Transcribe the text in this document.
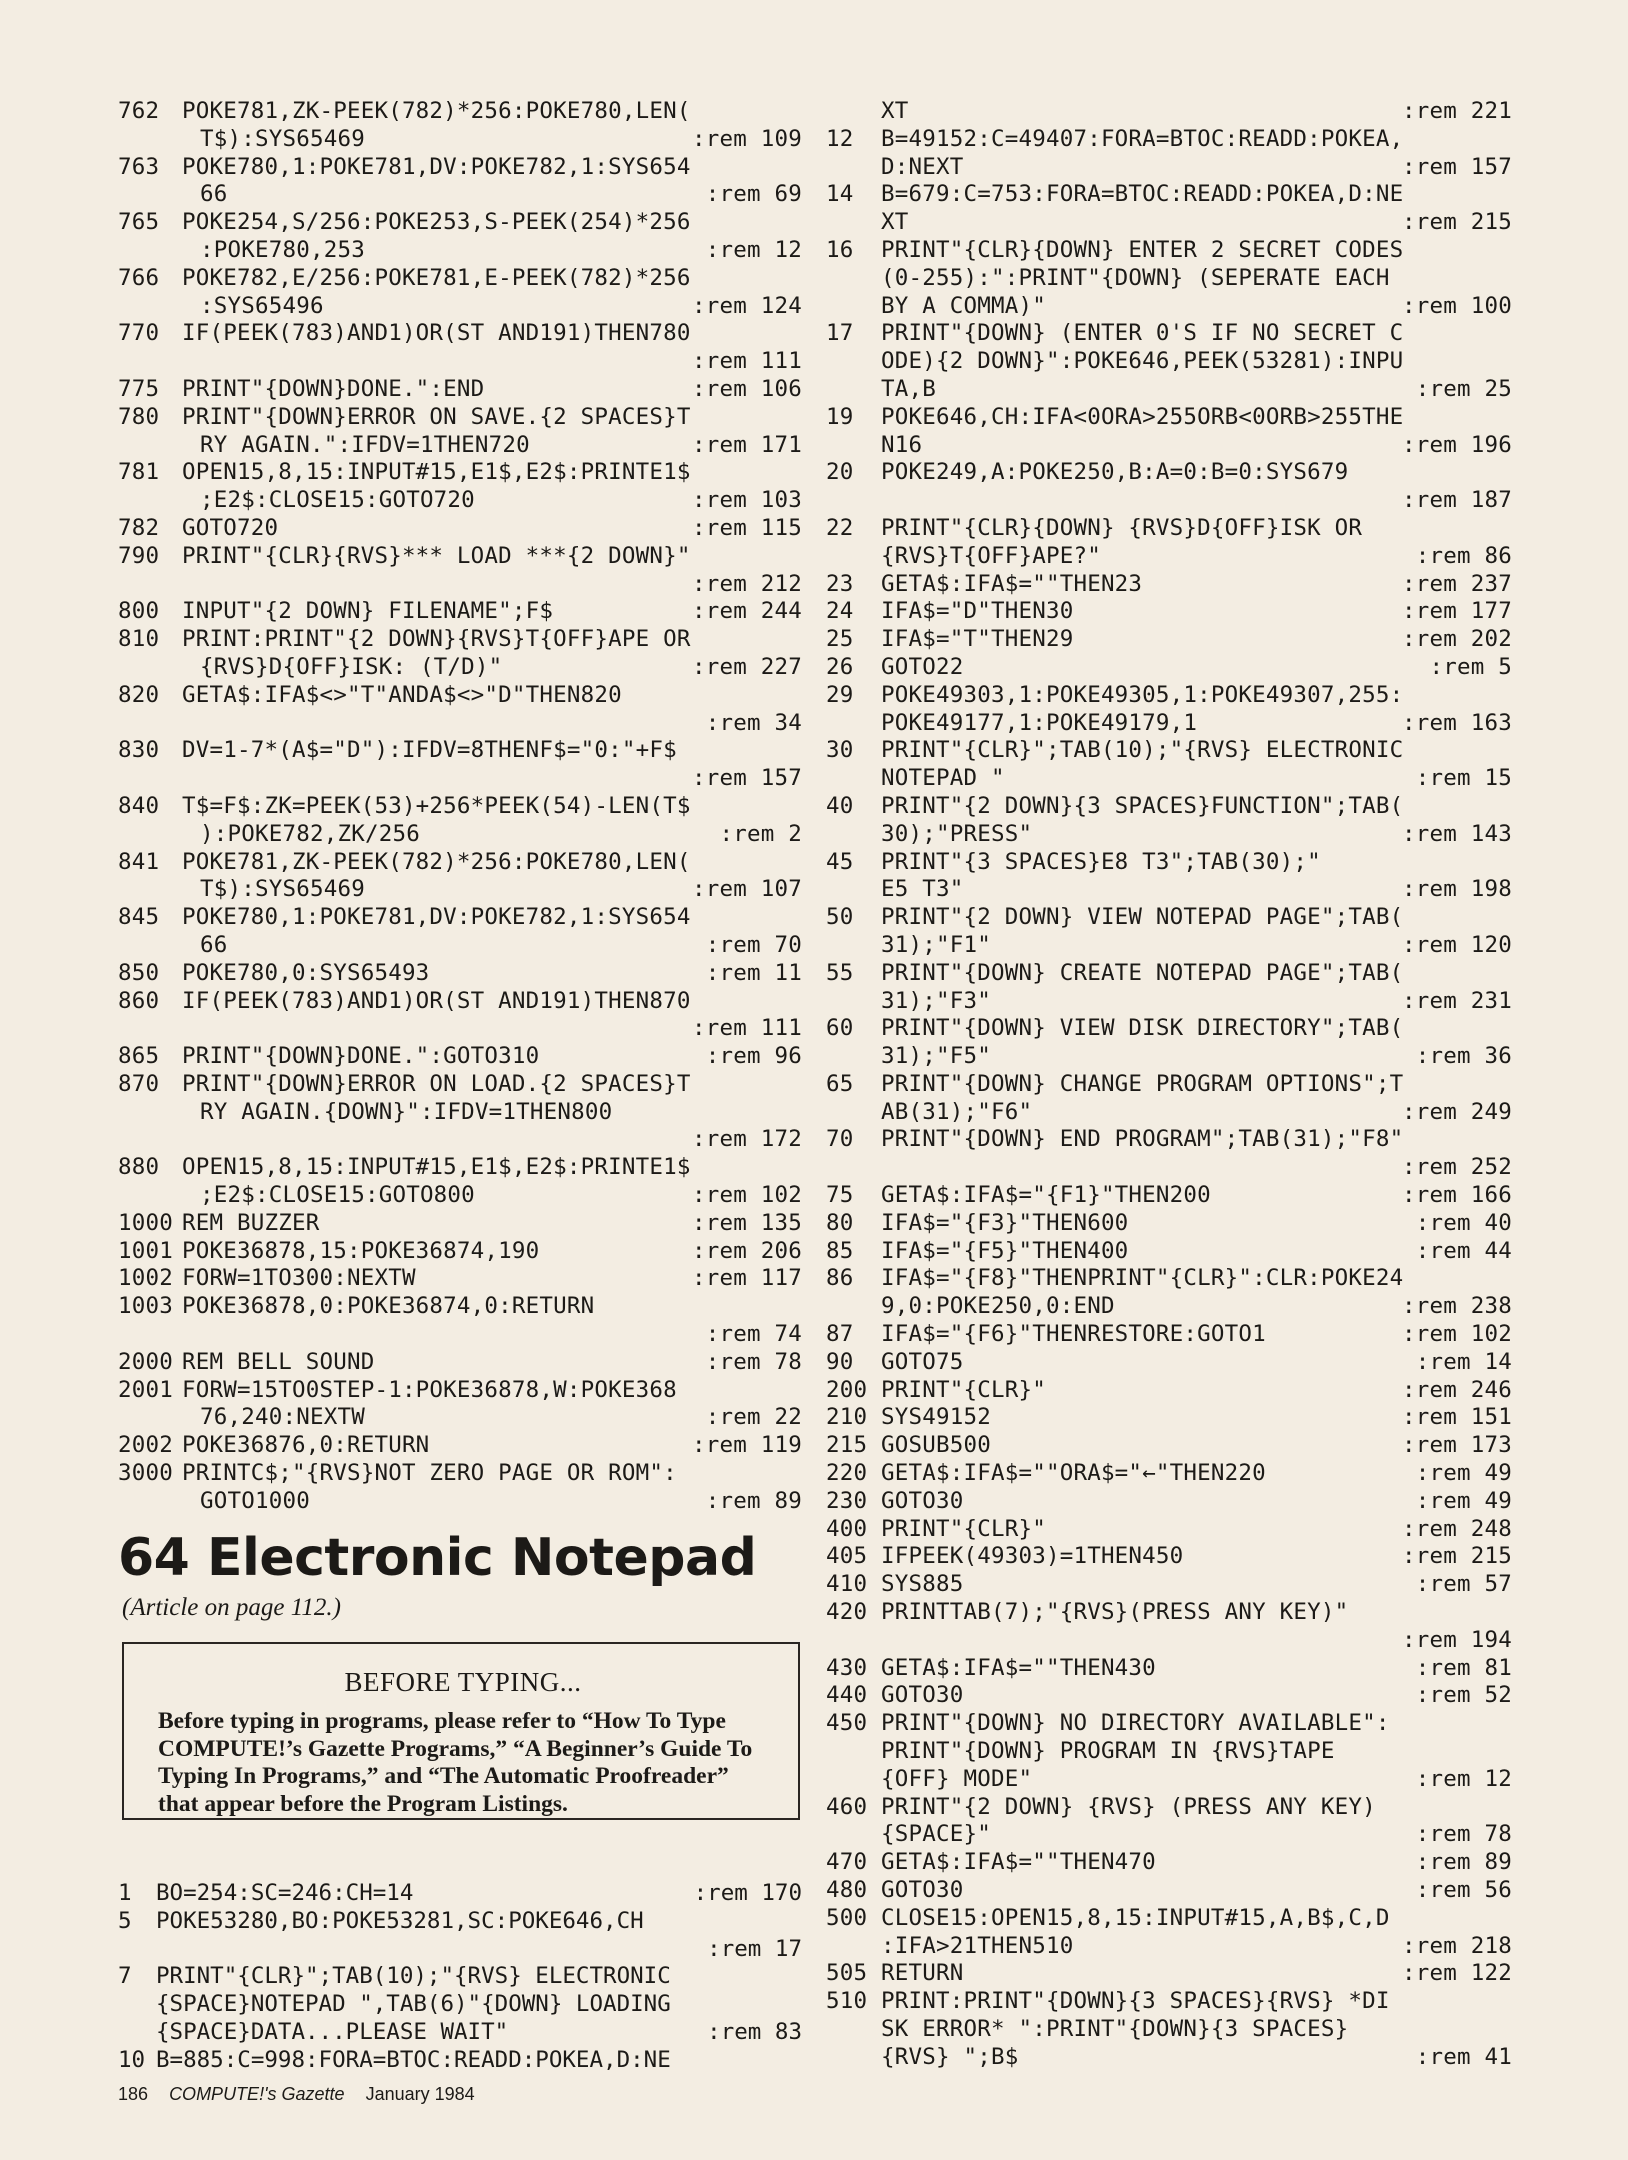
762 POKE781,ZK-PEEK(782)*256:POKE780,LEN(
T$):SYS65469	:rem 109
763 POKE780,1:POKE781,DV:POKE782,1:SYS654
66	:rem 69
765 POKE254,S/256:POKE253,S-PEEK(254)*256
:POKE780,253	:rem 12
766 POKE782,E/256:POKE781,E-PEEK(782)*256
:SYS65496	:rem 124
770 IF(PEEK(783)AND1)OR(ST AND191)THEN780
:rem 111
775 PRINT"{DOWN}DONE.":END	:rem 106
780 PRINT"{DOWN}ERROR ON SAVE.{2 SPACES}T
RY AGAIN.":IFDV=1THEN720	:rem 171
781 OPEN15,8,15:INPUT#15,E1$,E2$:PRINTE1$
;E2$:CLOSE15:GOTO720	:rem 103
782 GOTO720	:rem 115
790 PRINT"{CLR}{RVS}*** LOAD ***{2 DOWN}"
:rem 212
800 INPUT"{2 DOWN} FILENAME";F$	:rem 244
810 PRINT:PRINT"{2 DOWN}{RVS}T{OFF}APE OR
{RVS}D{OFF}ISK: (T/D)"	:rem 227
820 GETA$:IFA$<>"T"ANDA$<>"D"THEN820
:rem 34
830 DV=1-7*(A$="D"):IFDV=8THENF$="0:"+F$
:rem 157
840 T$=F$:ZK=PEEK(53)+256*PEEK(54)-LEN(T$
):POKE782,ZK/256	:rem 2
841 POKE781,ZK-PEEK(782)*256:POKE780,LEN(
T$):SYS65469	:rem 107
845 POKE780,1:POKE781,DV:POKE782,1:SYS654
66	:rem 70
850 POKE780,0:SYS65493	:rem 11
860 IF(PEEK(783)AND1)OR(ST AND191)THEN870
:rem 111
865 PRINT"{DOWN}DONE.":GOTO310	:rem 96
870 PRINT"{DOWN}ERROR ON LOAD.{2 SPACES}T
RY AGAIN.{DOWN}":IFDV=1THEN800
:rem 172
880 OPEN15,8,15:INPUT#15,E1$,E2$:PRINTE1$
;E2$:CLOSE15:GOTO800	:rem 102
1000 REM BUZZER	:rem 135
1001 POKE36878,15:POKE36874,190	:rem 206
1002 FORW=1TO300:NEXTW	:rem 117
1003 POKE36878,0:POKE36874,0:RETURN
:rem 74
2000 REM BELL SOUND	:rem 78
2001 FORW=15TO0STEP-1:POKE36878,W:POKE368
76,240:NEXTW	:rem 22
2002 POKE36876,0:RETURN	:rem 119
3000 PRINTC$;"{RVS}NOT ZERO PAGE OR ROM":
GOTO1000	:rem 89
64 Electronic Notepad
(Article on page 112.)
BEFORE TYPING...
Before typing in programs, please refer to “How To Type COMPUTE!’s Gazette Programs,” “A Beginner’s Guide To Typing In Programs,” and “The Automatic Proofreader” that appear before the Program Listings.
1 BO=254:SC=246:CH=14	:rem 170
5 POKE53280,BO:POKE53281,SC:POKE646,CH
:rem 17
7 PRINT"{CLR}";TAB(10);"{RVS} ELECTRONIC
{SPACE}NOTEPAD ",TAB(6)"{DOWN} LOADING
{SPACE}DATA...PLEASE WAIT"	:rem 83
10 B=885:C=998:FORA=BTOC:READD:POKEA,D:NE
XT	:rem 221
12 B=49152:C=49407:FORA=BTOC:READD:POKEA,
D:NEXT	:rem 157
14 B=679:C=753:FORA=BTOC:READD:POKEA,D:NE
XT	:rem 215
16 PRINT"{CLR}{DOWN} ENTER 2 SECRET CODES
(0-255):":PRINT"{DOWN} (SEPERATE EACH
BY A COMMA)"	:rem 100
17 PRINT"{DOWN} (ENTER 0'S IF NO SECRET C
ODE){2 DOWN}":POKE646,PEEK(53281):INPU
TA,B	:rem 25
19 POKE646,CH:IFA<0ORA>255ORB<0ORB>255THE
N16	:rem 196
20 POKE249,A:POKE250,B:A=0:B=0:SYS679
:rem 187
22 PRINT"{CLR}{DOWN} {RVS}D{OFF}ISK OR
{RVS}T{OFF}APE?"	:rem 86
23 GETA$:IFA$=""THEN23	:rem 237
24 IFA$="D"THEN30	:rem 177
25 IFA$="T"THEN29	:rem 202
26 GOTO22	:rem 5
29 POKE49303,1:POKE49305,1:POKE49307,255:
POKE49177,1:POKE49179,1	:rem 163
30 PRINT"{CLR}";TAB(10);"{RVS} ELECTRONIC
NOTEPAD "	:rem 15
40 PRINT"{2 DOWN}{3 SPACES}FUNCTION";TAB(
30);"PRESS"	:rem 143
45 PRINT"{3 SPACES}E8 T3";TAB(30);"
E5 T3"	:rem 198
50 PRINT"{2 DOWN} VIEW NOTEPAD PAGE";TAB(
31);"F1"	:rem 120
55 PRINT"{DOWN} CREATE NOTEPAD PAGE";TAB(
31);"F3"	:rem 231
60 PRINT"{DOWN} VIEW DISK DIRECTORY";TAB(
31);"F5"	:rem 36
65 PRINT"{DOWN} CHANGE PROGRAM OPTIONS";T
AB(31);"F6"	:rem 249
70 PRINT"{DOWN} END PROGRAM";TAB(31);"F8"
:rem 252
75 GETA$:IFA$="{F1}"THEN200	:rem 166
80 IFA$="{F3}"THEN600	:rem 40
85 IFA$="{F5}"THEN400	:rem 44
86 IFA$="{F8}"THENPRINT"{CLR}":CLR:POKE24
9,0:POKE250,0:END	:rem 238
87 IFA$="{F6}"THENRESTORE:GOTO1	:rem 102
90 GOTO75	:rem 14
200 PRINT"{CLR}"	:rem 246
210 SYS49152	:rem 151
215 GOSUB500	:rem 173
220 GETA$:IFA$=""ORA$="←"THEN220	:rem 49
230 GOTO30	:rem 49
400 PRINT"{CLR}"	:rem 248
405 IFPEEK(49303)=1THEN450	:rem 215
410 SYS885	:rem 57
420 PRINTTAB(7);"{RVS}(PRESS ANY KEY)"
:rem 194
430 GETA$:IFA$=""THEN430	:rem 81
440 GOTO30	:rem 52
450 PRINT"{DOWN} NO DIRECTORY AVAILABLE":
PRINT"{DOWN} PROGRAM IN {RVS}TAPE
{OFF} MODE"	:rem 12
460 PRINT"{2 DOWN} {RVS} (PRESS ANY KEY)
{SPACE}"	:rem 78
470 GETA$:IFA$=""THEN470	:rem 89
480 GOTO30	:rem 56
500 CLOSE15:OPEN15,8,15:INPUT#15,A,B$,C,D
:IFA>21THEN510	:rem 218
505 RETURN	:rem 122
510 PRINT:PRINT"{DOWN}{3 SPACES}{RVS} *DI
SK ERROR* ":PRINT"{DOWN}{3 SPACES}
{RVS} ";B$	:rem 41
186 COMPUTE!'s Gazette January 1984
